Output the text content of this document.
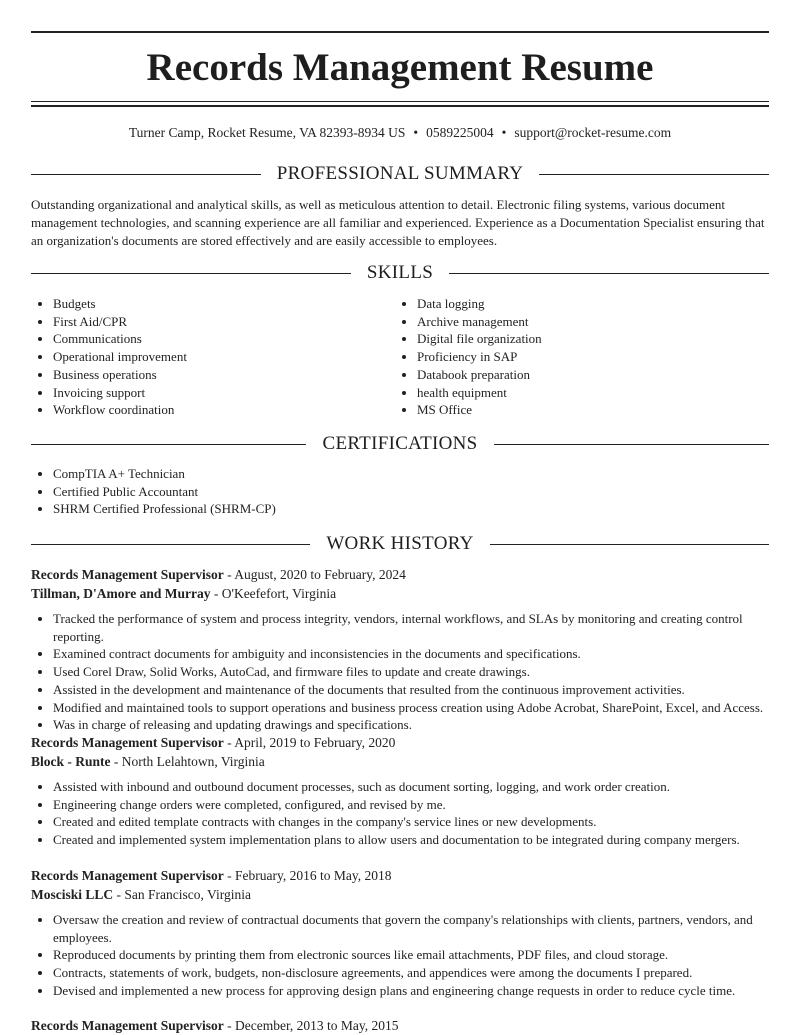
Records Management Resume
Turner Camp, Rocket Resume, VA 82393-8934 US • 0589225004 • support@rocket-resume.com
PROFESSIONAL SUMMARY

Outstanding organizational and analytical skills, as well as meticulous attention to detail. Electronic filing systems, various document management technologies, and scanning experience are all familiar and experienced. Experience as a Documentation Specialist ensuring that an organization's documents are stored effectively and are easily accessible to employees.

SKILLS
• Budgets
• First Aid/CPR
• Communications
• Operational improvement
• Business operations
• Invoicing support
• Workflow coordination
• Data logging
• Archive management
• Digital file organization
• Proficiency in SAP
• Databook preparation
• health equipment
• MS Office
CERTIFICATIONS
• CompTIA A+ Technician
• Certified Public Accountant
• SHRM Certified Professional (SHRM-CP)
WORK HISTORY
Records Management Supervisor - August, 2020 to February, 2024
Tillman, D'Amore and Murray - O'Keefefort, Virginia
• Tracked the performance of system and process integrity, vendors, internal workflows, and SLAs by monitoring and creating control reporting.
• Examined contract documents for ambiguity and inconsistencies in the documents and specifications.
• Used Corel Draw, Solid Works, AutoCad, and firmware files to update and create drawings.
• Assisted in the development and maintenance of the documents that resulted from the continuous improvement activities.
• Modified and maintained tools to support operations and business process creation using Adobe Acrobat, SharePoint, Excel, and Access.
• Was in charge of releasing and updating drawings and specifications.
Records Management Supervisor - April, 2019 to February, 2020
Block - Runte - North Lelahtown, Virginia
• Assisted with inbound and outbound document processes, such as document sorting, logging, and work order creation.
• Engineering change orders were completed, configured, and revised by me.
• Created and edited template contracts with changes in the company's service lines or new developments.
• Created and implemented system implementation plans to allow users and documentation to be integrated during company mergers.
Records Management Supervisor - February, 2016 to May, 2018
Mosciski LLC - San Francisco, Virginia
• Oversaw the creation and review of contractual documents that govern the company's relationships with clients, partners, vendors, and employees.
• Reproduced documents by printing them from electronic sources like email attachments, PDF files, and cloud storage.
• Contracts, statements of work, budgets, non-disclosure agreements, and appendices were among the documents I prepared.
• Devised and implemented a new process for approving design plans and engineering change requests in order to reduce cycle time.
Records Management Supervisor - December, 2013 to May, 2015
